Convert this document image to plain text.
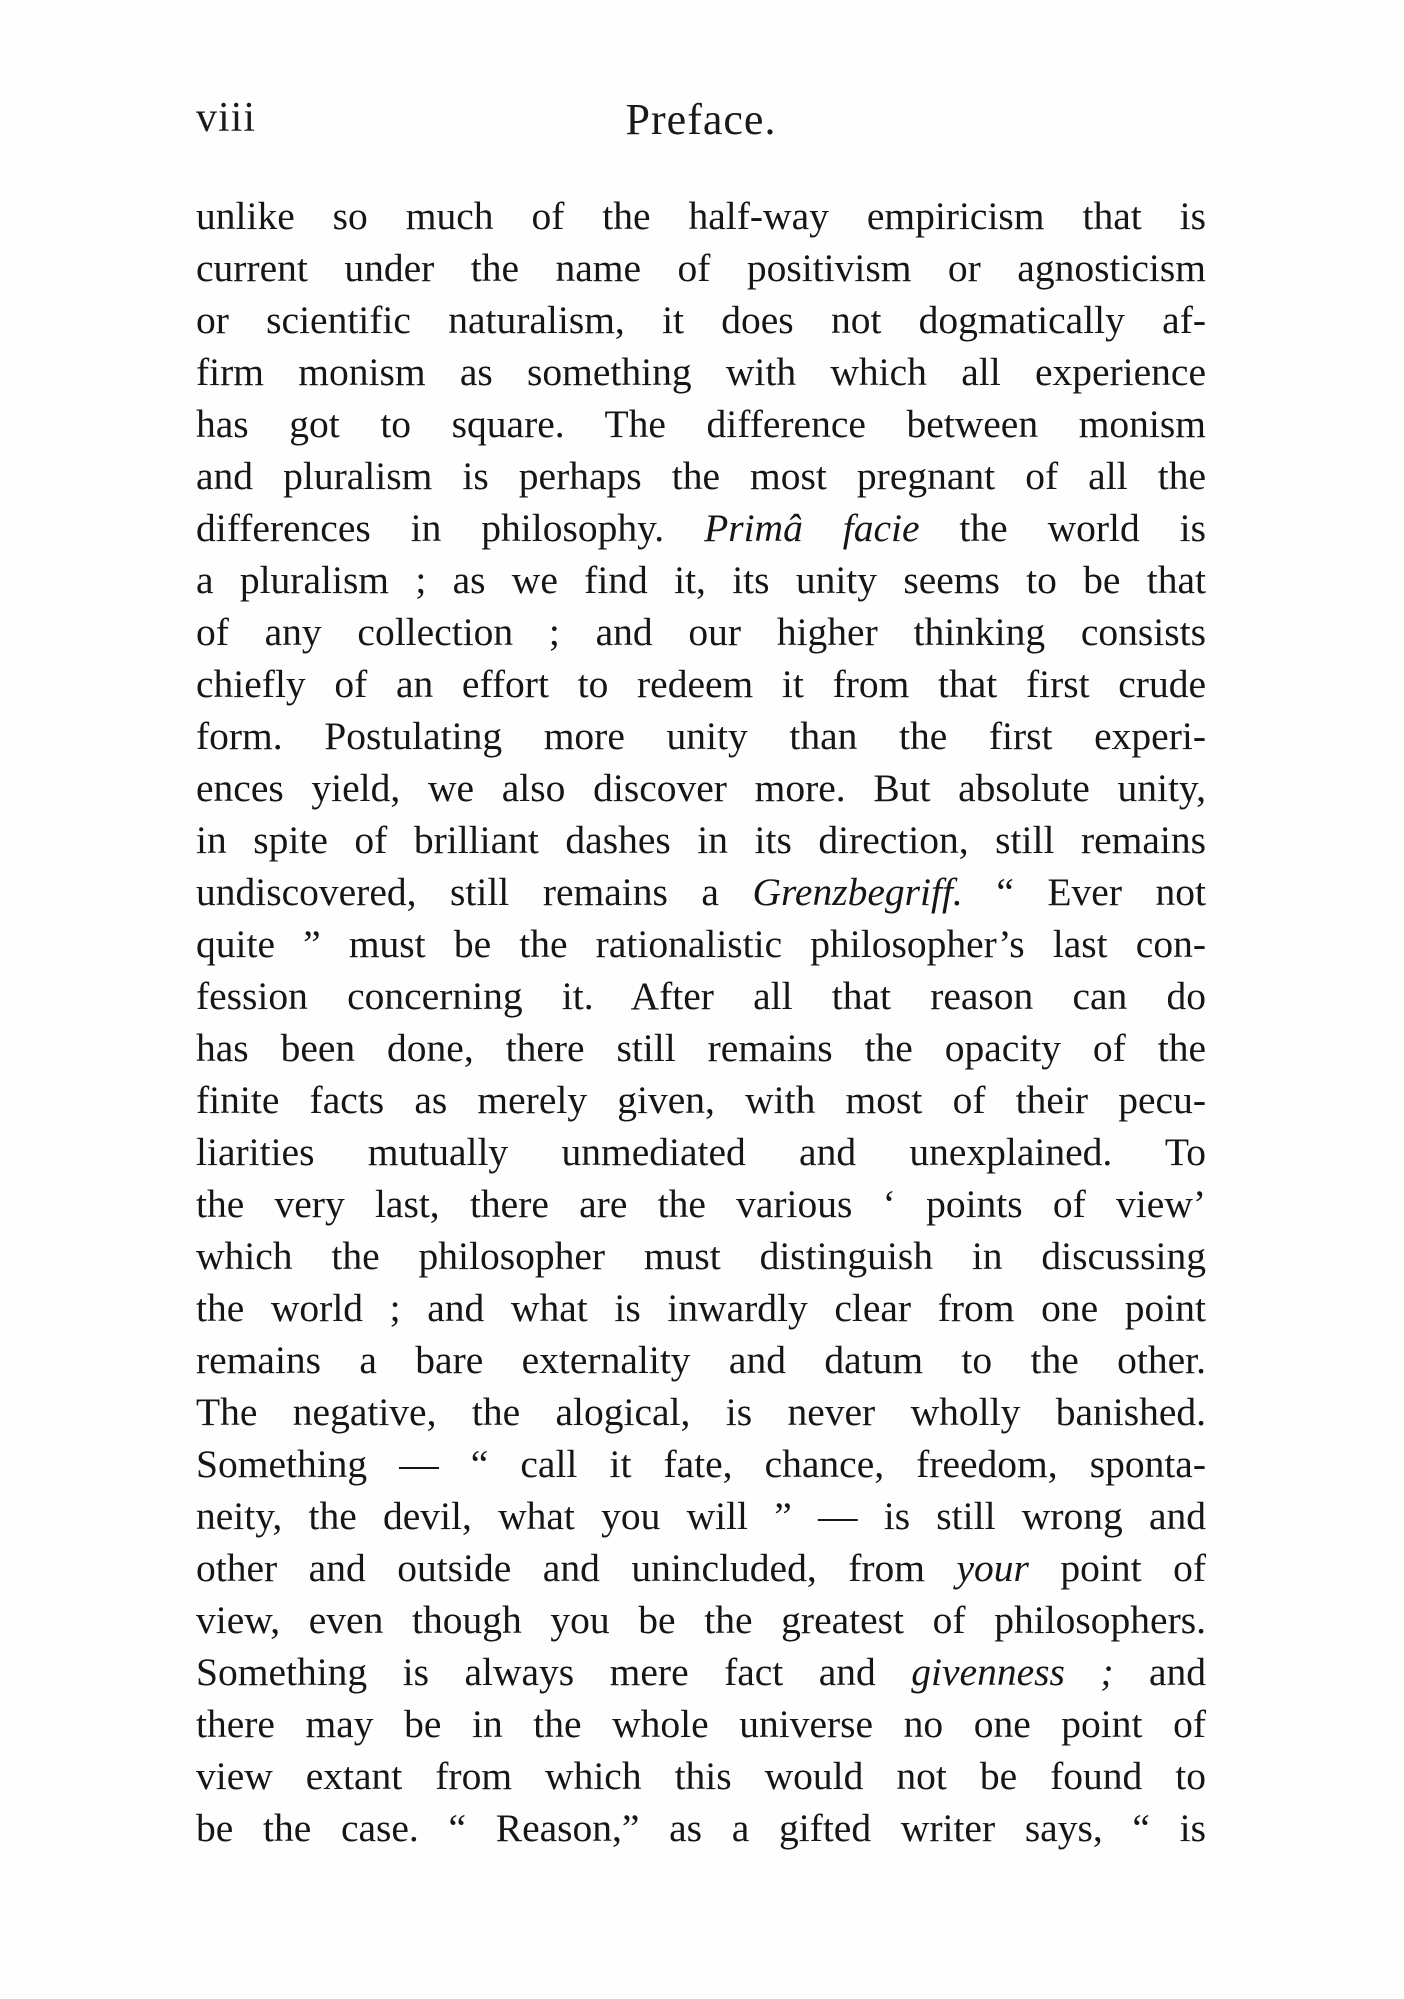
viii	Preface.
unlike so much of the half-way empiricism that is
current under the name of positivism or agnosticism
or scientific naturalism, it does not dogmatically af-
firm monism as something with which all experience
has got to square. The difference between monism
and pluralism is perhaps the most pregnant of all the
differences in philosophy. Primâ facie the world is
a pluralism ; as we find it, its unity seems to be that
of any collection ; and our higher thinking consists
chiefly of an effort to redeem it from that first crude
form. Postulating more unity than the first experi-
ences yield, we also discover more. But absolute unity,
in spite of brilliant dashes in its direction, still remains
undiscovered, still remains a Grenzbegriff. “ Ever not
quite ” must be the rationalistic philosopher’s last con-
fession concerning it. After all that reason can do
has been done, there still remains the opacity of the
finite facts as merely given, with most of their pecu-
liarities mutually unmediated and unexplained. To
the very last, there are the various ‘ points of view’
which the philosopher must distinguish in discussing
the world ; and what is inwardly clear from one point
remains a bare externality and datum to the other.
The negative, the alogical, is never wholly banished.
Something — “ call it fate, chance, freedom, sponta-
neity, the devil, what you will ” — is still wrong and
other and outside and unincluded, from your point of
view, even though you be the greatest of philosophers.
Something is always mere fact and givenness ; and
there may be in the whole universe no one point of
view extant from which this would not be found to
be the case. “ Reason,” as a gifted writer says, “ is
